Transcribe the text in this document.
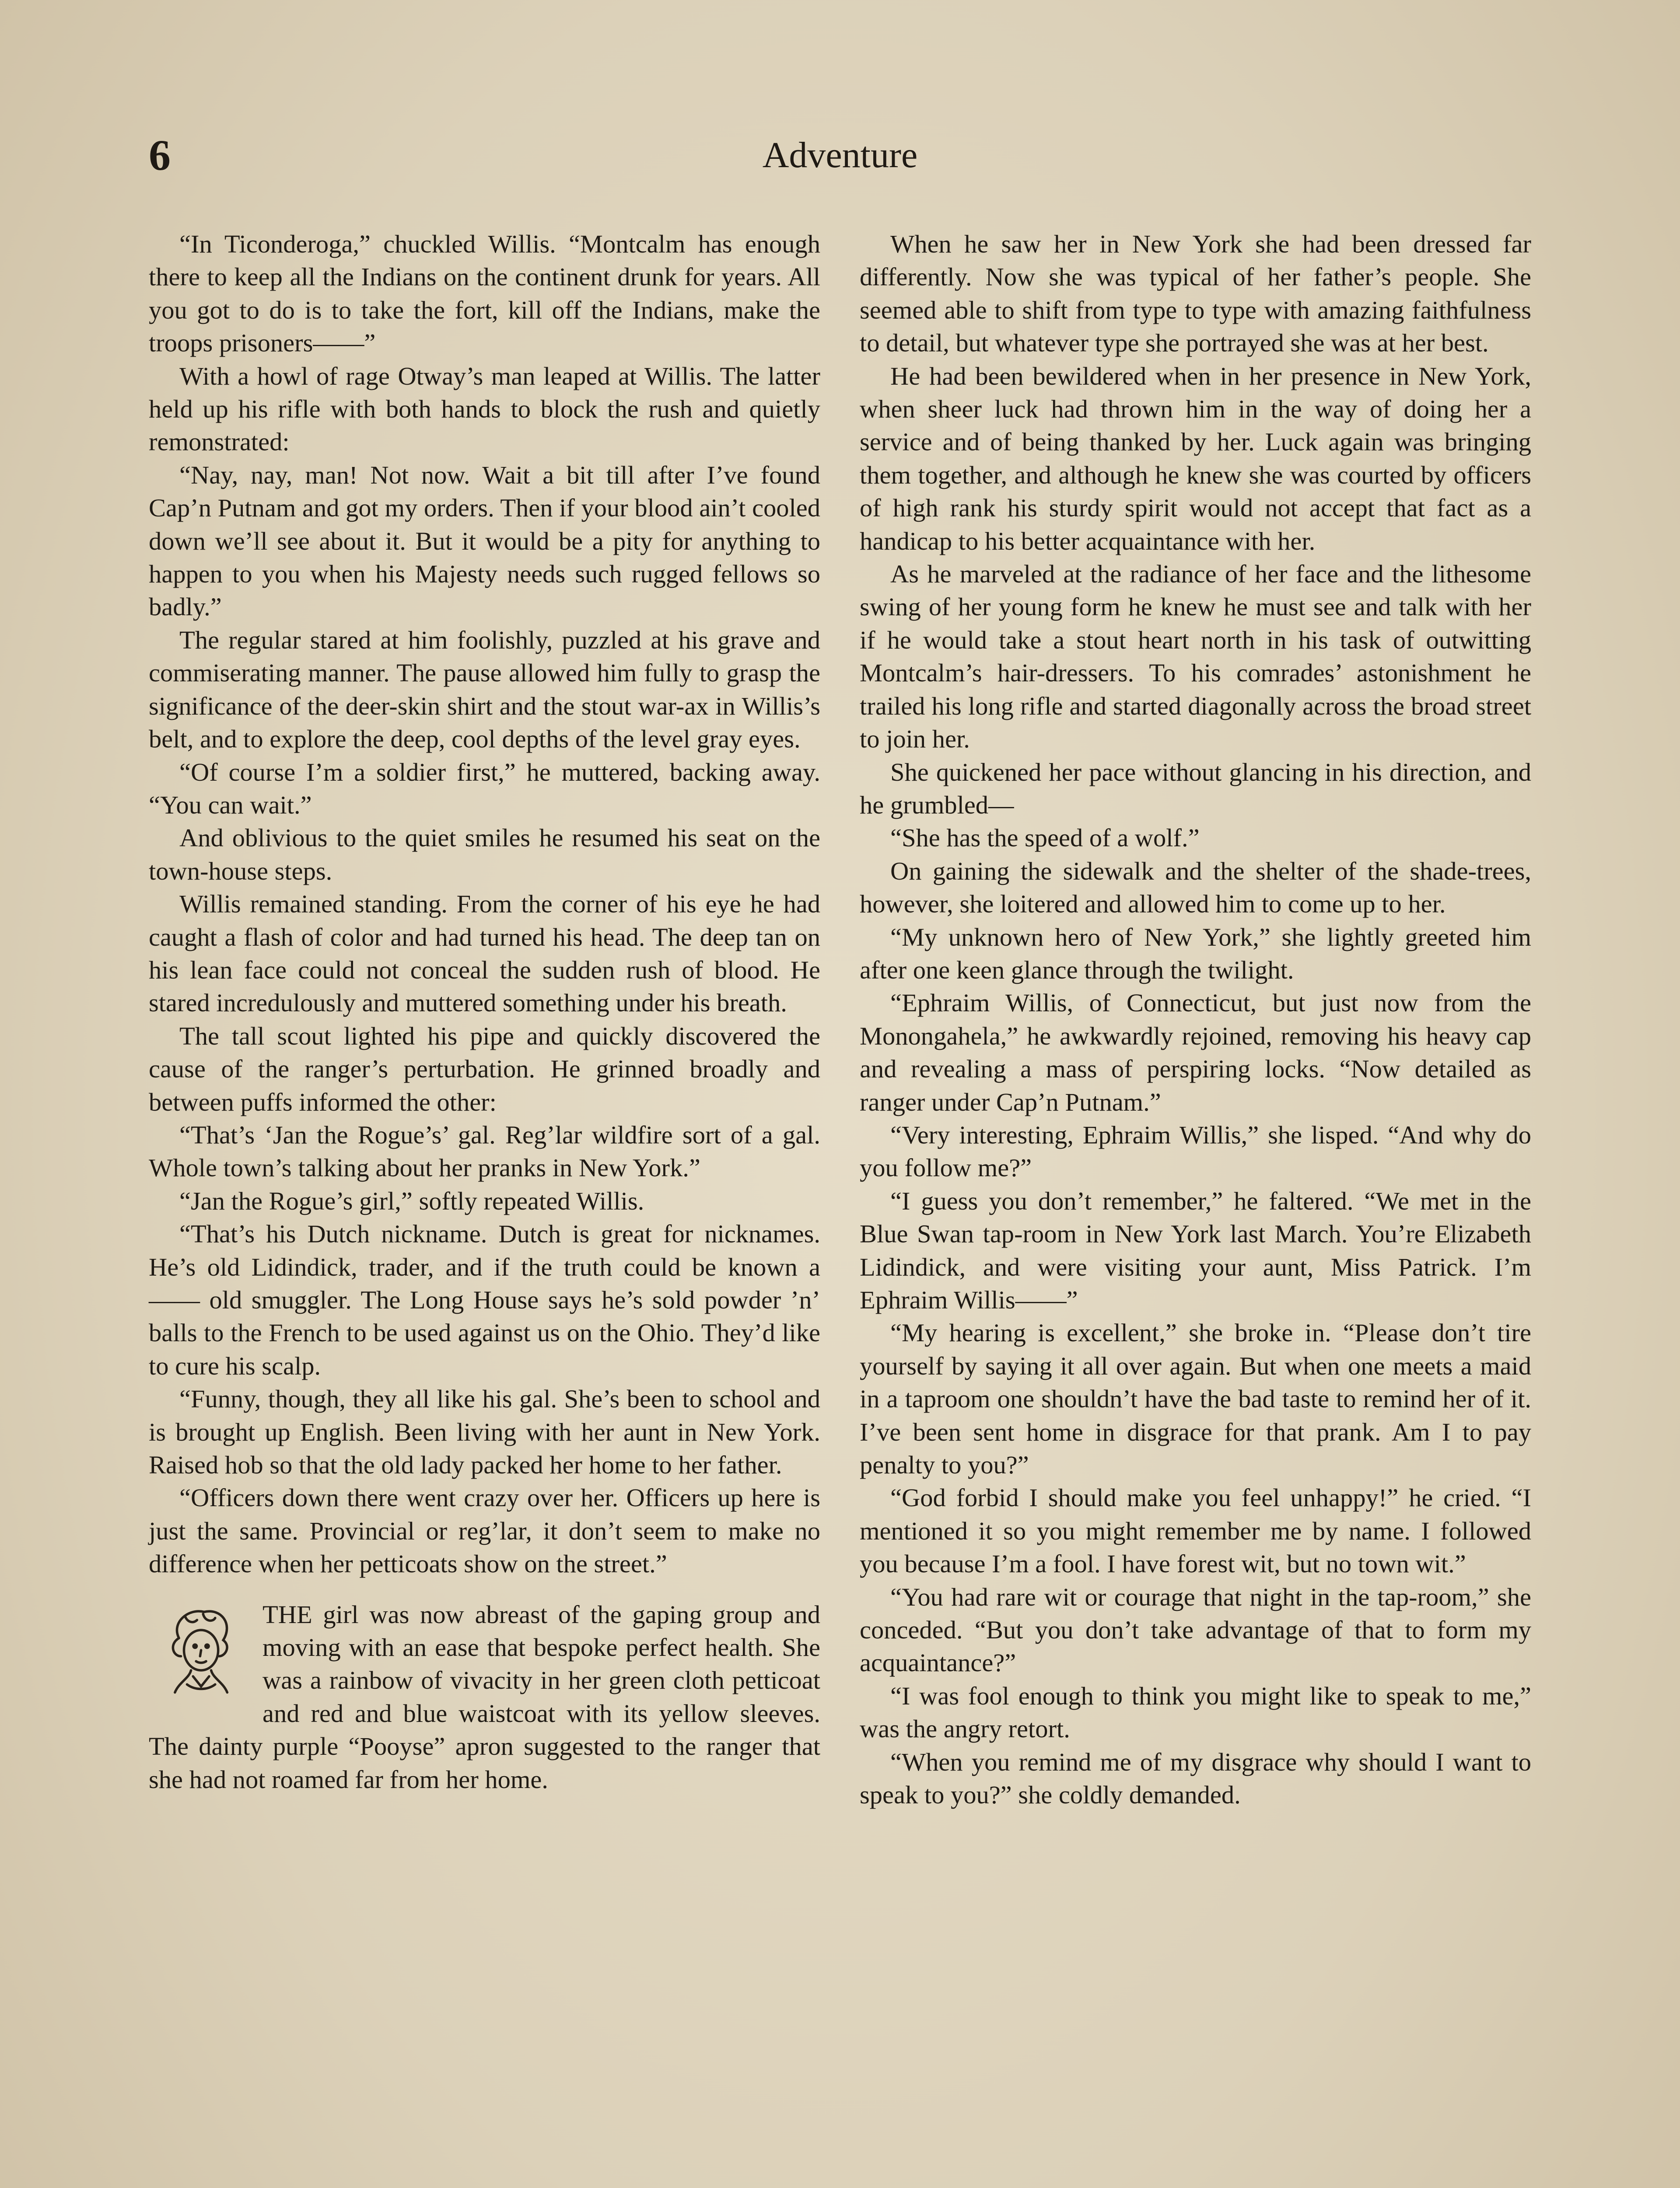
6	Adventure

“In Ticonderoga,” chuckled Willis. “Montcalm has enough there to keep all the Indians on the continent drunk for years. All you got to do is to take the fort, kill off the Indians, make the troops prisoners——”

With a howl of rage Otway’s man leaped at Willis. The latter held up his rifle with both hands to block the rush and quietly remonstrated:

“Nay, nay, man! Not now. Wait a bit till after I’ve found Cap’n Putnam and got my orders. Then if your blood ain’t cooled down we’ll see about it. But it would be a pity for anything to happen to you when his Majesty needs such rugged fellows so badly.”

The regular stared at him foolishly, puzzled at his grave and commiserating manner. The pause allowed him fully to grasp the significance of the deer-skin shirt and the stout war-ax in Willis’s belt, and to explore the deep, cool depths of the level gray eyes.

“Of course I’m a soldier first,” he muttered, backing away. “You can wait.”

And oblivious to the quiet smiles he resumed his seat on the town-house steps.

Willis remained standing. From the corner of his eye he had caught a flash of color and had turned his head. The deep tan on his lean face could not conceal the sudden rush of blood. He stared incredulously and muttered something under his breath.

The tall scout lighted his pipe and quickly discovered the cause of the ranger’s perturbation. He grinned broadly and between puffs informed the other:

“That’s ‘Jan the Rogue’s’ gal. Reg’lar wildfire sort of a gal. Whole town’s talking about her pranks in New York.”

“Jan the Rogue’s girl,” softly repeated Willis.

“That’s his Dutch nickname. Dutch is great for nicknames. He’s old Lidindick, trader, and if the truth could be known a —— old smuggler. The Long House says he’s sold powder ’n’ balls to the French to be used against us on the Ohio. They’d like to cure his scalp.

“Funny, though, they all like his gal. She’s been to school and is brought up English. Been living with her aunt in New York. Raised hob so that the old lady packed her home to her father.

“Officers down there went crazy over her. Officers up here is just the same. Provincial or reg’lar, it don’t seem to make no difference when her petticoats show on the street.”

THE girl was now abreast of the gaping group and moving with an ease that bespoke perfect health. She was a rainbow of vivacity in her green cloth petticoat and red and blue waistcoat with its yellow sleeves. The dainty purple “Pooyse” apron suggested to the ranger that she had not roamed far from her home.

When he saw her in New York she had been dressed far differently. Now she was typical of her father’s people. She seemed able to shift from type to type with amazing faithfulness to detail, but whatever type she portrayed she was at her best.

He had been bewildered when in her presence in New York, when sheer luck had thrown him in the way of doing her a service and of being thanked by her. Luck again was bringing them together, and although he knew she was courted by officers of high rank his sturdy spirit would not accept that fact as a handicap to his better acquaintance with her.

As he marveled at the radiance of her face and the lithesome swing of her young form he knew he must see and talk with her if he would take a stout heart north in his task of outwitting Montcalm’s hair-dressers. To his comrades’ astonishment he trailed his long rifle and started diagonally across the broad street to join her.

She quickened her pace without glancing in his direction, and he grumbled—

“She has the speed of a wolf.”

On gaining the sidewalk and the shelter of the shade-trees, however, she loitered and allowed him to come up to her.

“My unknown hero of New York,” she lightly greeted him after one keen glance through the twilight.

“Ephraim Willis, of Connecticut, but just now from the Monongahela,” he awkwardly rejoined, removing his heavy cap and revealing a mass of perspiring locks. “Now detailed as ranger under Cap’n Putnam.”

“Very interesting, Ephraim Willis,” she lisped. “And why do you follow me?”

“I guess you don’t remember,” he faltered. “We met in the Blue Swan tap-room in New York last March. You’re Elizabeth Lidindick, and were visiting your aunt, Miss Patrick. I’m Ephraim Willis——”

“My hearing is excellent,” she broke in. “Please don’t tire yourself by saying it all over again. But when one meets a maid in a taproom one shouldn’t have the bad taste to remind her of it. I’ve been sent home in disgrace for that prank. Am I to pay penalty to you?”

“God forbid I should make you feel unhappy!” he cried. “I mentioned it so you might remember me by name. I followed you because I’m a fool. I have forest wit, but no town wit.”

“You had rare wit or courage that night in the tap-room,” she conceded. “But you don’t take advantage of that to form my acquaintance?”

“I was fool enough to think you might like to speak to me,” was the angry retort.

“When you remind me of my disgrace why should I want to speak to you?” she coldly demanded.
